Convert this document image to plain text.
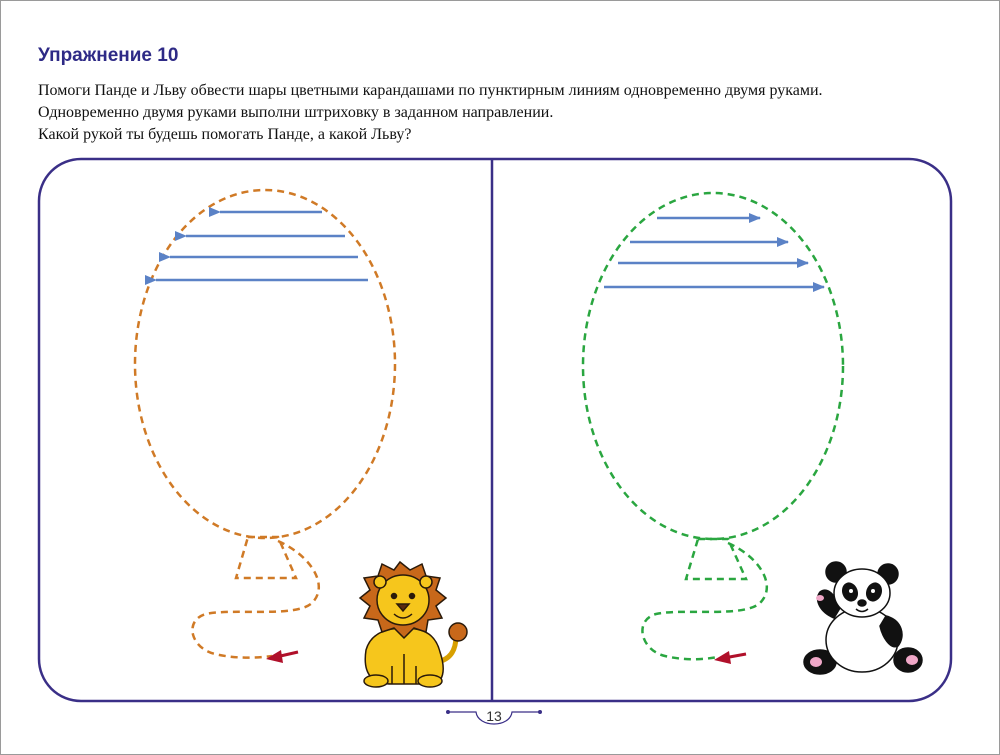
Упражнение 10
Помоги Панде и Льву обвести шары цветными карандашами по пунктирным линиям одновременно двумя руками.
Одновременно двумя руками выполни штриховку в заданном направлении.
Какой рукой ты будешь помогать Панде, а какой Льву?
13
